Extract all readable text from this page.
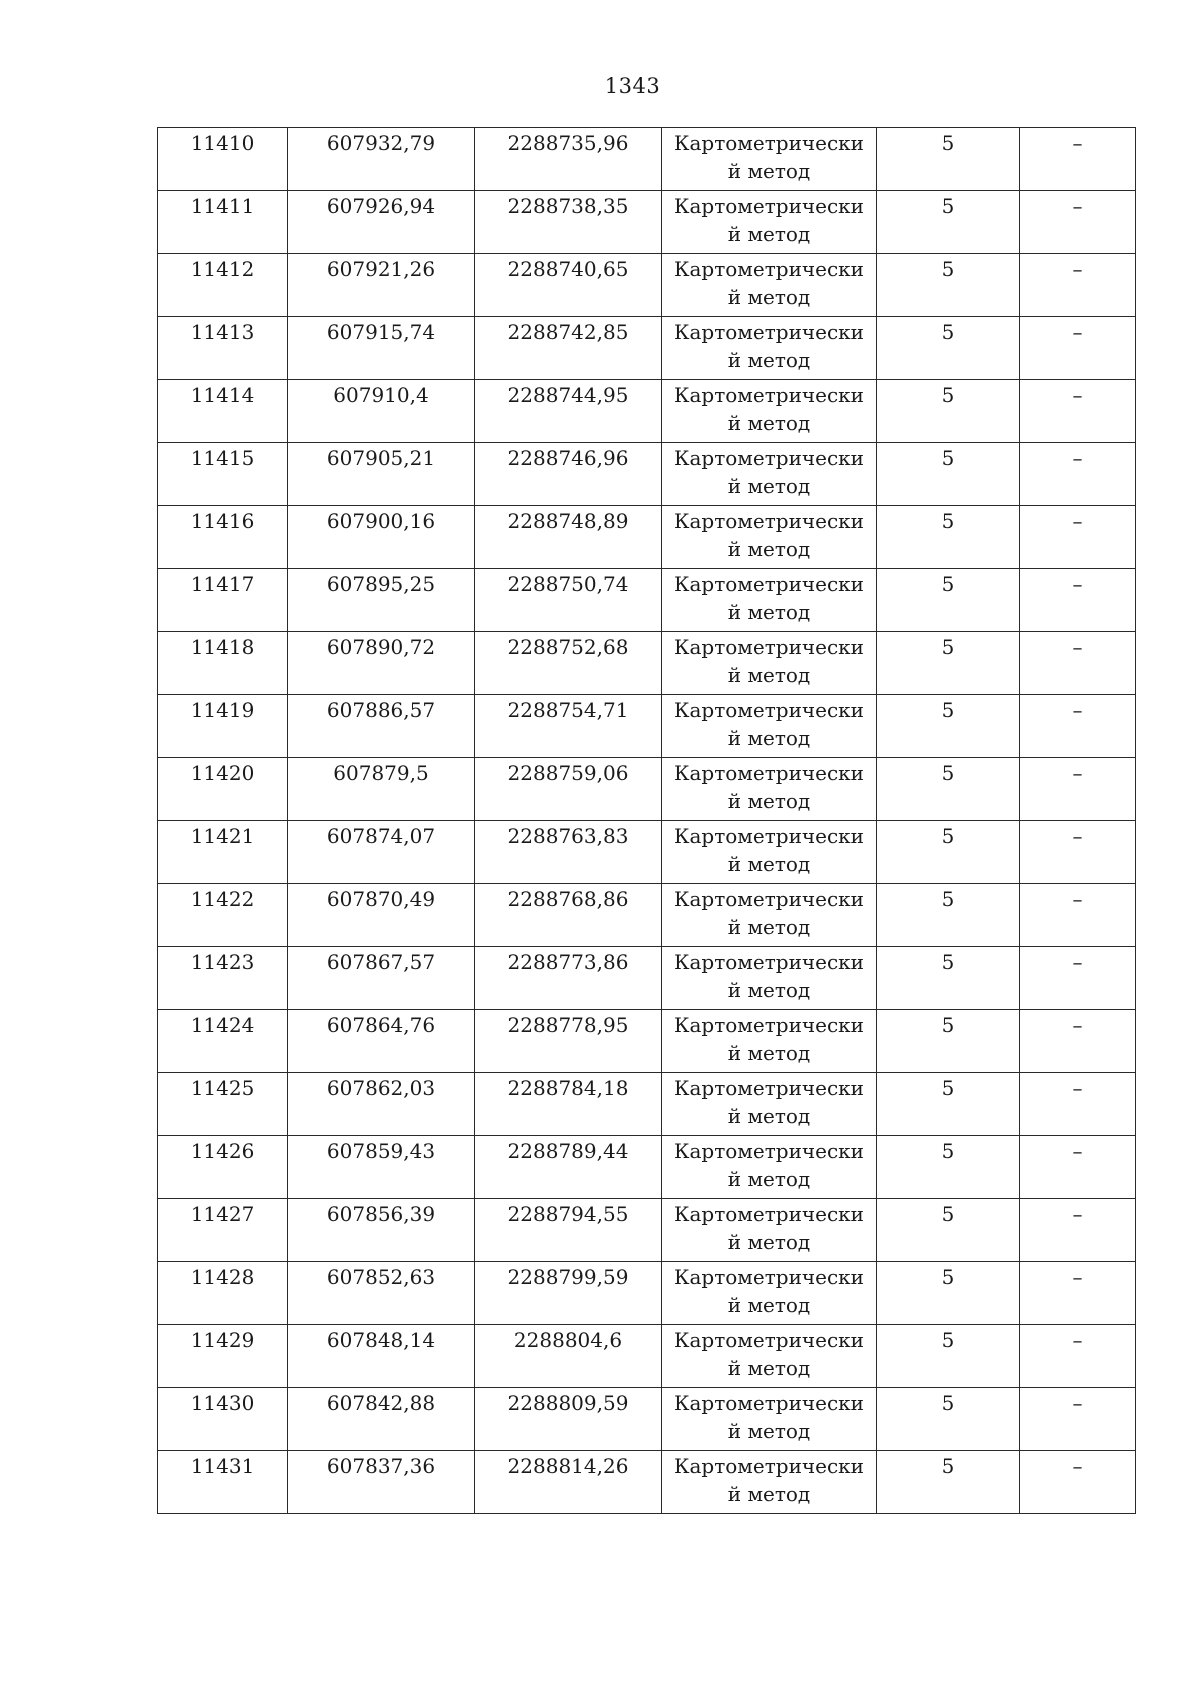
1343
11410	607932,79	2288735,96	Картометрический метод	5	–

11411	607926,94	2288738,35	Картометрический метод	5	–

11412	607921,26	2288740,65	Картометрический метод	5	–

11413	607915,74	2288742,85	Картометрический метод	5	–

11414	607910,4	2288744,95	Картометрический метод	5	–

11415	607905,21	2288746,96	Картометрический метод	5	–

11416	607900,16	2288748,89	Картометрический метод	5	–

11417	607895,25	2288750,74	Картометрический метод	5	–

11418	607890,72	2288752,68	Картометрический метод	5	–

11419	607886,57	2288754,71	Картометрический метод	5	–

11420	607879,5	2288759,06	Картометрический метод	5	–

11421	607874,07	2288763,83	Картометрический метод	5	–

11422	607870,49	2288768,86	Картометрический метод	5	–

11423	607867,57	2288773,86	Картометрический метод	5	–

11424	607864,76	2288778,95	Картометрический метод	5	–

11425	607862,03	2288784,18	Картометрический метод	5	–

11426	607859,43	2288789,44	Картометрический метод	5	–

11427	607856,39	2288794,55	Картометрический метод	5	–

11428	607852,63	2288799,59	Картометрический метод	5	–

11429	607848,14	2288804,6	Картометрический метод	5	–

11430	607842,88	2288809,59	Картометрический метод	5	–

11431	607837,36	2288814,26	Картометрический метод	5	–
